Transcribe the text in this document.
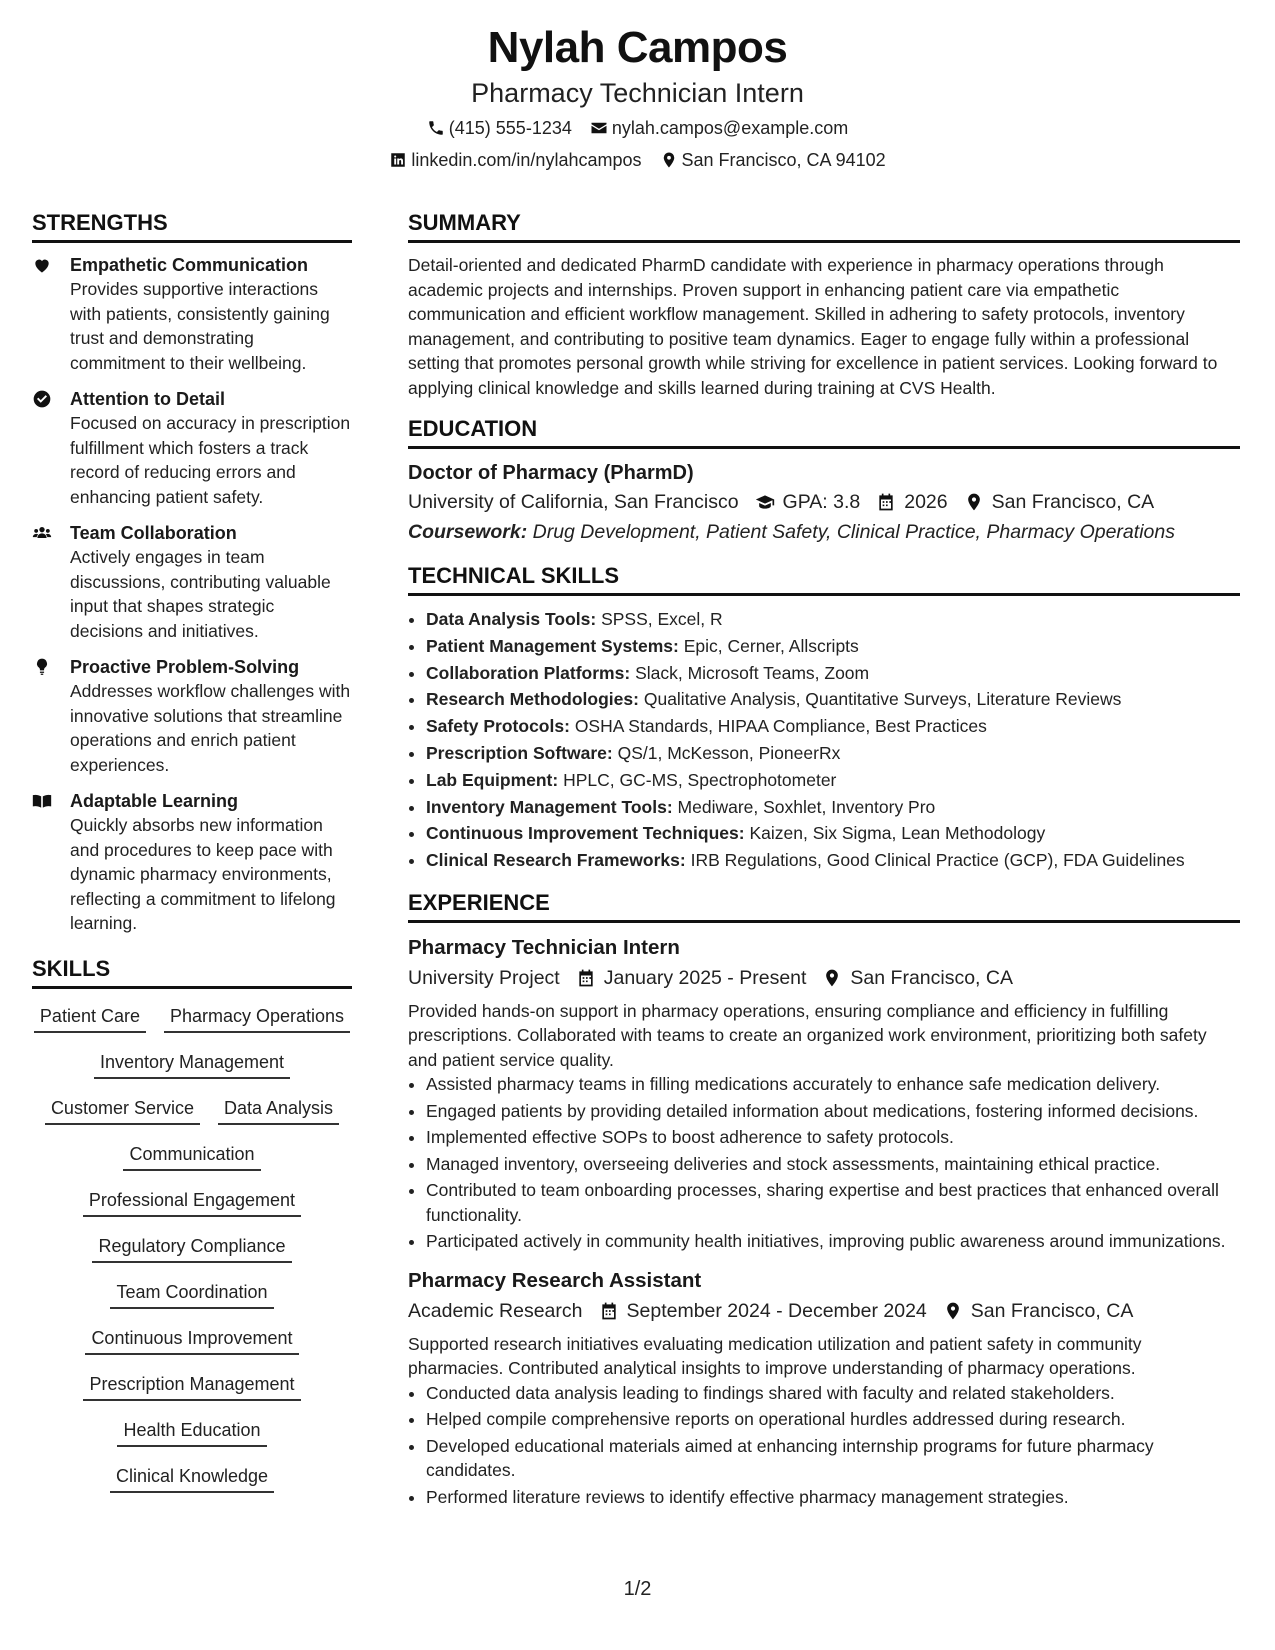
Nylah Campos
Pharmacy Technician Intern
(415) 555-1234 nylah.campos@example.com
linkedin.com/in/nylahcampos San Francisco, CA 94102
STRENGTHS
Empathetic Communication
Provides supportive interactions with patients, consistently gaining trust and demonstrating commitment to their wellbeing.
Attention to Detail
Focused on accuracy in prescription fulfillment which fosters a track record of reducing errors and enhancing patient safety.
Team Collaboration
Actively engages in team discussions, contributing valuable input that shapes strategic decisions and initiatives.
Proactive Problem-Solving
Addresses workflow challenges with innovative solutions that streamline operations and enrich patient experiences.
Adaptable Learning
Quickly absorbs new information and procedures to keep pace with dynamic pharmacy environments, reflecting a commitment to lifelong learning.
SKILLS
Patient Care	Pharmacy Operations
Inventory Management
Customer Service	Data Analysis
Communication
Professional Engagement
Regulatory Compliance
Team Coordination
Continuous Improvement
Prescription Management
Health Education
Clinical Knowledge
SUMMARY
Detail-oriented and dedicated PharmD candidate with experience in pharmacy operations through academic projects and internships. Proven support in enhancing patient care via empathetic communication and efficient workflow management. Skilled in adhering to safety protocols, inventory management, and contributing to positive team dynamics. Eager to engage fully within a professional setting that promotes personal growth while striving for excellence in patient services. Looking forward to applying clinical knowledge and skills learned during training at CVS Health.
EDUCATION
Doctor of Pharmacy (PharmD)
University of California, San Francisco GPA: 3.8 2026 San Francisco, CA
Coursework: Drug Development, Patient Safety, Clinical Practice, Pharmacy Operations
TECHNICAL SKILLS
• Data Analysis Tools: SPSS, Excel, R
• Patient Management Systems: Epic, Cerner, Allscripts
• Collaboration Platforms: Slack, Microsoft Teams, Zoom
• Research Methodologies: Qualitative Analysis, Quantitative Surveys, Literature Reviews
• Safety Protocols: OSHA Standards, HIPAA Compliance, Best Practices
• Prescription Software: QS/1, McKesson, PioneerRx
• Lab Equipment: HPLC, GC-MS, Spectrophotometer
• Inventory Management Tools: Mediware, Soxhlet, Inventory Pro
• Continuous Improvement Techniques: Kaizen, Six Sigma, Lean Methodology
• Clinical Research Frameworks: IRB Regulations, Good Clinical Practice (GCP), FDA Guidelines
EXPERIENCE
Pharmacy Technician Intern
University Project January 2025 - Present San Francisco, CA
Provided hands-on support in pharmacy operations, ensuring compliance and efficiency in fulfilling prescriptions. Collaborated with teams to create an organized work environment, prioritizing both safety and patient service quality.
• Assisted pharmacy teams in filling medications accurately to enhance safe medication delivery.
• Engaged patients by providing detailed information about medications, fostering informed decisions.
• Implemented effective SOPs to boost adherence to safety protocols.
• Managed inventory, overseeing deliveries and stock assessments, maintaining ethical practice.
• Contributed to team onboarding processes, sharing expertise and best practices that enhanced overall functionality.
• Participated actively in community health initiatives, improving public awareness around immunizations.
Pharmacy Research Assistant
Academic Research September 2024 - December 2024 San Francisco, CA
Supported research initiatives evaluating medication utilization and patient safety in community pharmacies. Contributed analytical insights to improve understanding of pharmacy operations.
• Conducted data analysis leading to findings shared with faculty and related stakeholders.
• Helped compile comprehensive reports on operational hurdles addressed during research.
• Developed educational materials aimed at enhancing internship programs for future pharmacy candidates.
• Performed literature reviews to identify effective pharmacy management strategies.
1/2
